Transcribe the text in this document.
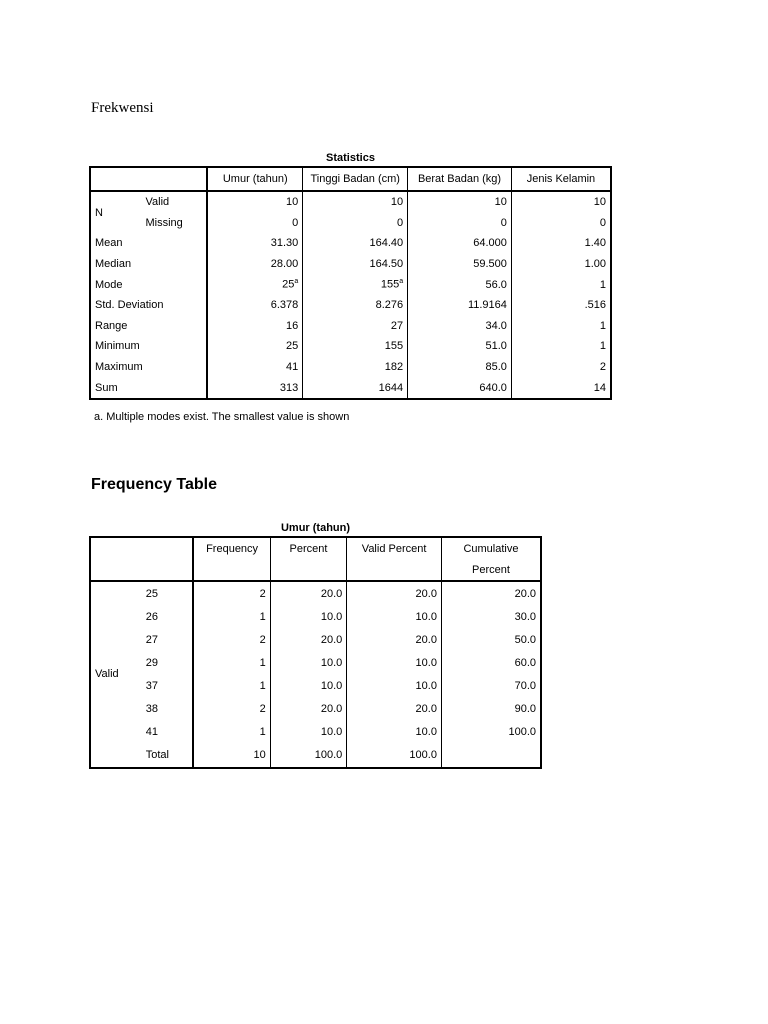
Frekwensi
Statistics
		Umur (tahun)	Tinggi Badan (cm)	Berat Badan (kg)	Jenis Kelamin
N	Valid	10	10	10	10
	Missing	0	0	0	0
Mean		31.30	164.40	64.000	1.40
Median		28.00	164.50	59.500	1.00
Mode		25$^a$	155$^a$	56.0	1
Std. Deviation		6.378	8.276	11.9164	.516
Range		16	27	34.0	1
Minimum		25	155	51.0	1
Maximum		41	182	85.0	2
Sum		313	1644	640.0	14
a. Multiple modes exist. The smallest value is shown
Frequency Table
Umur (tahun)
		Frequency	Percent	Valid Percent	Cumulative
					Percent
Valid	25	2	20.0	20.0	20.0
	26	1	10.0	10.0	30.0
	27	2	20.0	20.0	50.0
	29	1	10.0	10.0	60.0
	37	1	10.0	10.0	70.0
	38	2	20.0	20.0	90.0
	41	1	10.0	10.0	100.0
	Total	10	100.0	100.0	
